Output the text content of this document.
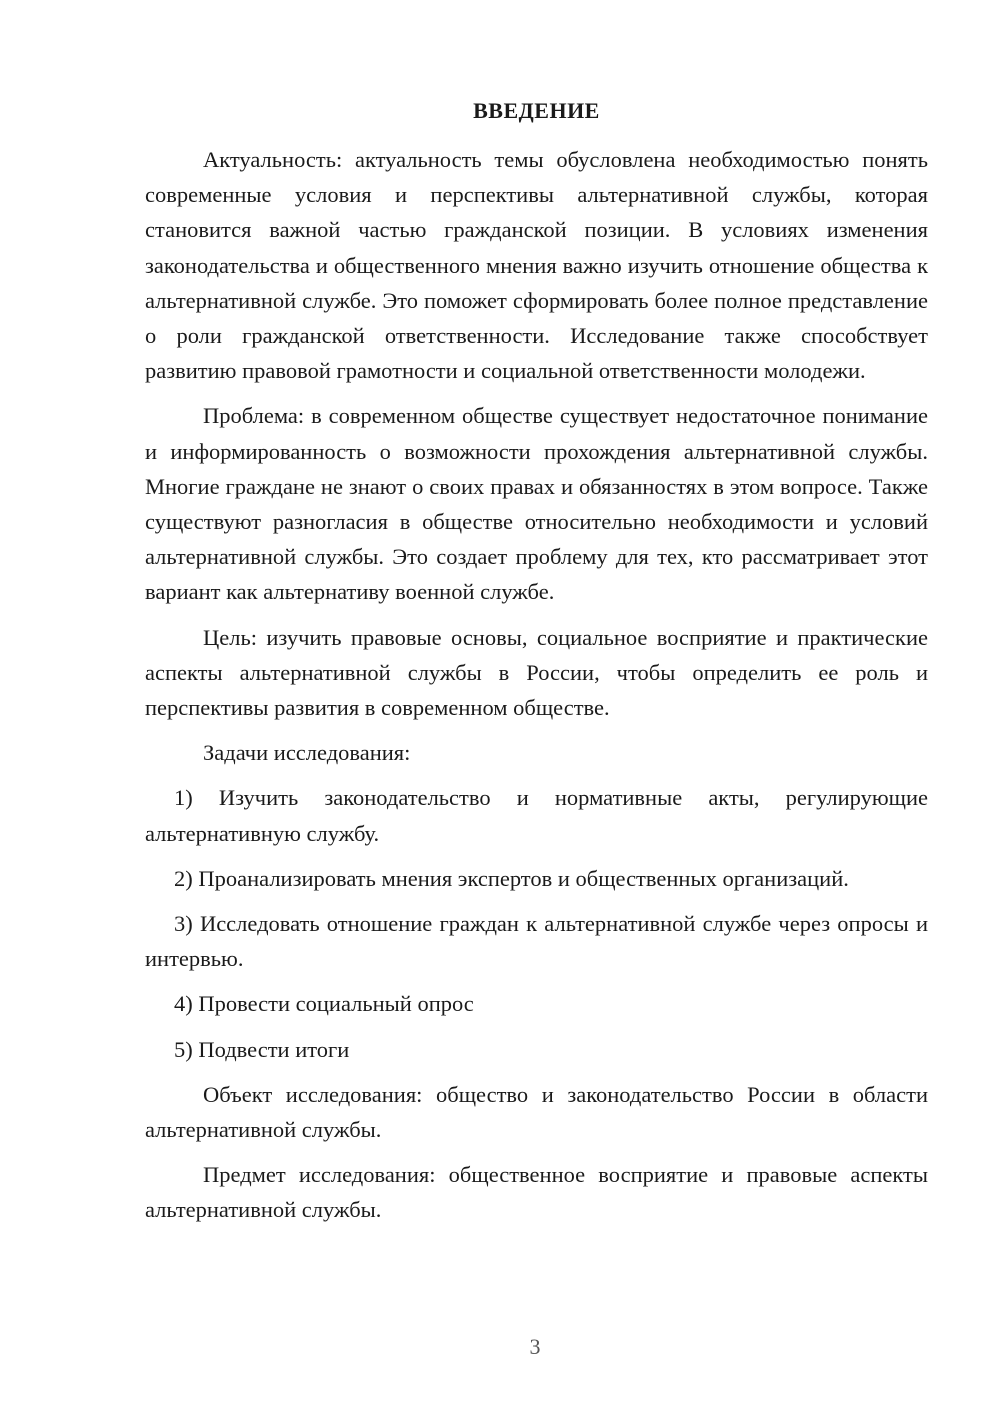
ВВЕДЕНИЕ

Актуальность: актуальность темы обусловлена необходимостью понять современные условия и перспективы альтернативной службы, которая становится важной частью гражданской позиции. В условиях изменения законодательства и общественного мнения важно изучить отношение общества к альтернативной службе. Это поможет сформировать более полное представление о роли гражданской ответственности. Исследование также способствует развитию правовой грамотности и социальной ответственности молодежи.

Проблема: в современном обществе существует недостаточное понимание и информированность о возможности прохождения альтернативной службы. Многие граждане не знают о своих правах и обязанностях в этом вопросе. Также существуют разногласия в обществе относительно необходимости и условий альтернативной службы. Это создает проблему для тех, кто рассматривает этот вариант как альтернативу военной службе.

Цель: изучить правовые основы, социальное восприятие и практические аспекты альтернативной службы в России, чтобы определить ее роль и перспективы развития в современном обществе.

Задачи исследования:

1) Изучить законодательство и нормативные акты, регулирующие альтернативную службу.

2) Проанализировать мнения экспертов и общественных организаций.

3) Исследовать отношение граждан к альтернативной службе через опросы и интервью.

4) Провести социальный опрос

5) Подвести итоги

Объект исследования: общество и законодательство России в области альтернативной службы.

Предмет исследования: общественное восприятие и правовые аспекты альтернативной службы.

3
